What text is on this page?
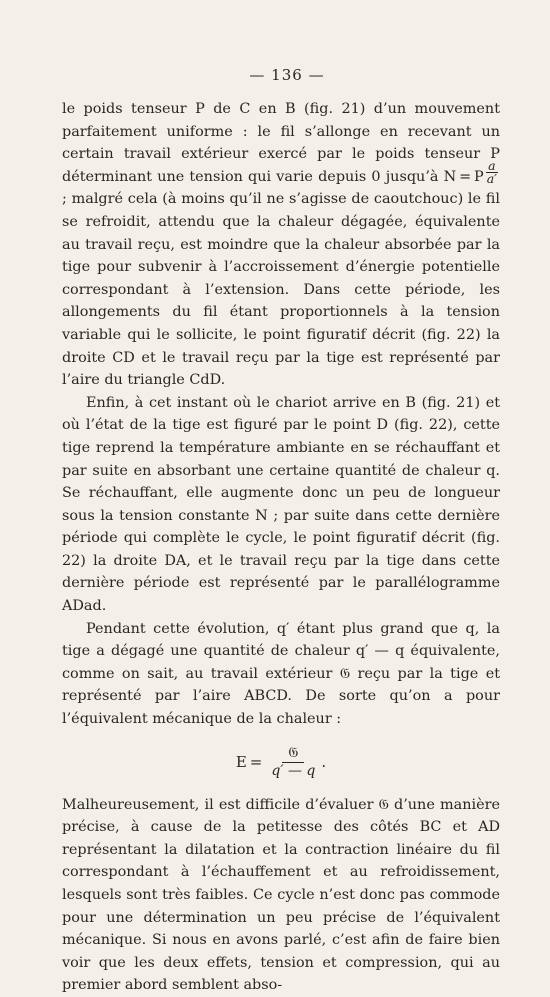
— 136 —

le poids tenseur P de C en B (fig. 21) d’un mouvement parfaitement uniforme : le fil s’allonge en recevant un certain travail extérieur exercé par le poids tenseur P déterminant une tension qui varie depuis 0 jusqu’à N = P $\frac{a}{a'}$
; malgré cela (à moins qu’il ne s’agisse de caoutchouc) le fil se refroidit, attendu que la chaleur dégagée, équivalente au travail reçu, est moindre que la chaleur absorbée par la tige pour subvenir à l’accroissement d’énergie potentielle correspondant à l’extension. Dans cette période, les allongements du fil étant proportionnels à la tension variable qui le sollicite, le point figuratif décrit (fig. 22) la droite CD et le travail reçu par la tige est représenté par l’aire du triangle CdD.

Enfin, à cet instant où le chariot arrive en B (fig. 21) et où l’état de la tige est figuré par le point D (fig. 22), cette tige reprend la température ambiante en se réchauffant et par suite en absorbant une certaine quantité de chaleur q. Se réchauffant, elle augmente donc un peu de longueur sous la tension constante N ; par suite dans cette dernière période qui complète le cycle, le point figuratif décrit (fig. 22) la droite DA, et le travail reçu par la tige dans cette dernière période est représenté par le parallélogramme ADad.

Pendant cette évolution, q′ étant plus grand que q, la tige a dégagé une quantité de chaleur q′ — q équivalente, comme on sait, au travail extérieur 𝔊 reçu par la tige et représenté par l’aire ABCD. De sorte qu’on a pour l’équivalent mécanique de la chaleur :

$E = \frac{\text{𝔊}}{q' — q}$ .

Malheureusement, il est difficile d’évaluer 𝔊 d’une manière précise, à cause de la petitesse des côtés BC et AD représentant la dilatation et la contraction linéaire du fil correspondant à l’échauffement et au refroidissement, lesquels sont très faibles. Ce cycle n’est donc pas commode pour une détermination un peu précise de l’équivalent mécanique. Si nous en avons parlé, c’est afin de faire bien voir que les deux effets, tension et compression, qui au premier abord semblent abso-
